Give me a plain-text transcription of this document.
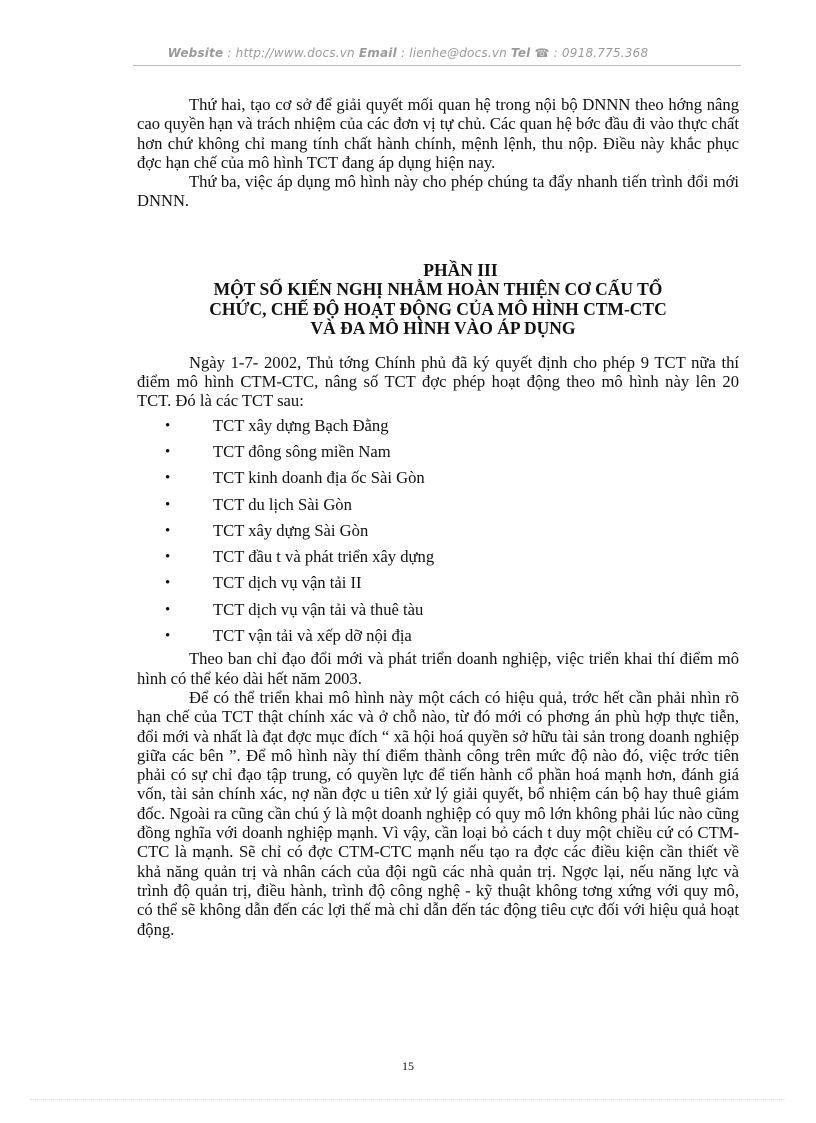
Website : http://www.docs.vn Email : lienhe@docs.vn Tel ☎ : 0918.775.368

Thứ hai, tạo cơ sở để giải quyết mối quan hệ trong nội bộ DNNN theo hớng nâng cao quyền hạn và trách nhiệm của các đơn vị tự chủ. Các quan hệ bớc đầu đi vào thực chất hơn chứ không chỉ mang tính chất hành chính, mệnh lệnh, thu nộp. Điều này khắc phục đợc hạn chế của mô hình TCT đang áp dụng hiện nay.

Thứ ba, việc áp dụng mô hình này cho phép chúng ta đẩy nhanh tiến trình đổi mới DNNN.

PHẦN III
MỘT SỐ KIẾN NGHỊ NHẰM HOÀN THIỆN CƠ CẤU TỔ
CHỨC, CHẾ ĐỘ HOẠT ĐỘNG CỦA MÔ HÌNH CTM-CTC
VÀ ĐA MÔ HÌNH VÀO ÁP DỤNG

Ngày 1-7- 2002, Thủ tớng Chính phủ đã ký quyết định cho phép 9 TCT nữa thí điểm mô hình CTM-CTC, nâng số TCT đợc phép hoạt động theo mô hình này lên 20 TCT. Đó là các TCT sau:

•	TCT xây dựng Bạch Đằng
•	TCT đông sông miền Nam
•	TCT kinh doanh địa ốc Sài Gòn
•	TCT du lịch Sài Gòn
•	TCT xây dựng Sài Gòn
•	TCT đầu t và phát triển xây dựng
•	TCT dịch vụ vận tải II
•	TCT dịch vụ vận tải và thuê tàu
•	TCT vận tải và xếp dỡ nội địa

Theo ban chỉ đạo đổi mới và phát triển doanh nghiệp, việc triển khai thí điểm mô hình có thể kéo dài hết năm 2003.

Để có thể triển khai mô hình này một cách có hiệu quả, trớc hết cần phải nhìn rõ hạn chế của TCT thật chính xác và ở chỗ nào, từ đó mới có phơng án phù hợp thực tiễn, đổi mới và nhất là đạt đợc mục đích “ xã hội hoá quyền sở hữu tài sản trong doanh nghiệp giữa các bên ”. Để mô hình này thí điểm thành công trên mức độ nào đó, việc trớc tiên phải có sự chỉ đạo tập trung, có quyền lực để tiến hành cổ phần hoá mạnh hơn, đánh giá vốn, tài sản chính xác, nợ nần đợc u tiên xử lý giải quyết, bổ nhiệm cán bộ hay thuê giám đốc. Ngoài ra cũng cần chú ý là một doanh nghiệp có quy mô lớn không phải lúc nào cũng đồng nghĩa với doanh nghiệp mạnh. Vì vậy, cần loại bỏ cách t duy một chiều cứ có CTM-CTC là mạnh. Sẽ chỉ có đợc CTM-CTC mạnh nếu tạo ra đợc các điều kiện cần thiết về khả năng quản trị và nhân cách của đội ngũ các nhà quản trị. Ngợc lại, nếu năng lực và trình độ quản trị, điều hành, trình độ công nghệ - kỹ thuật không tơng xứng với quy mô, có thể sẽ không dẫn đến các lợi thế mà chỉ dẫn đến tác động tiêu cực đối với hiệu quả hoạt động.

15
